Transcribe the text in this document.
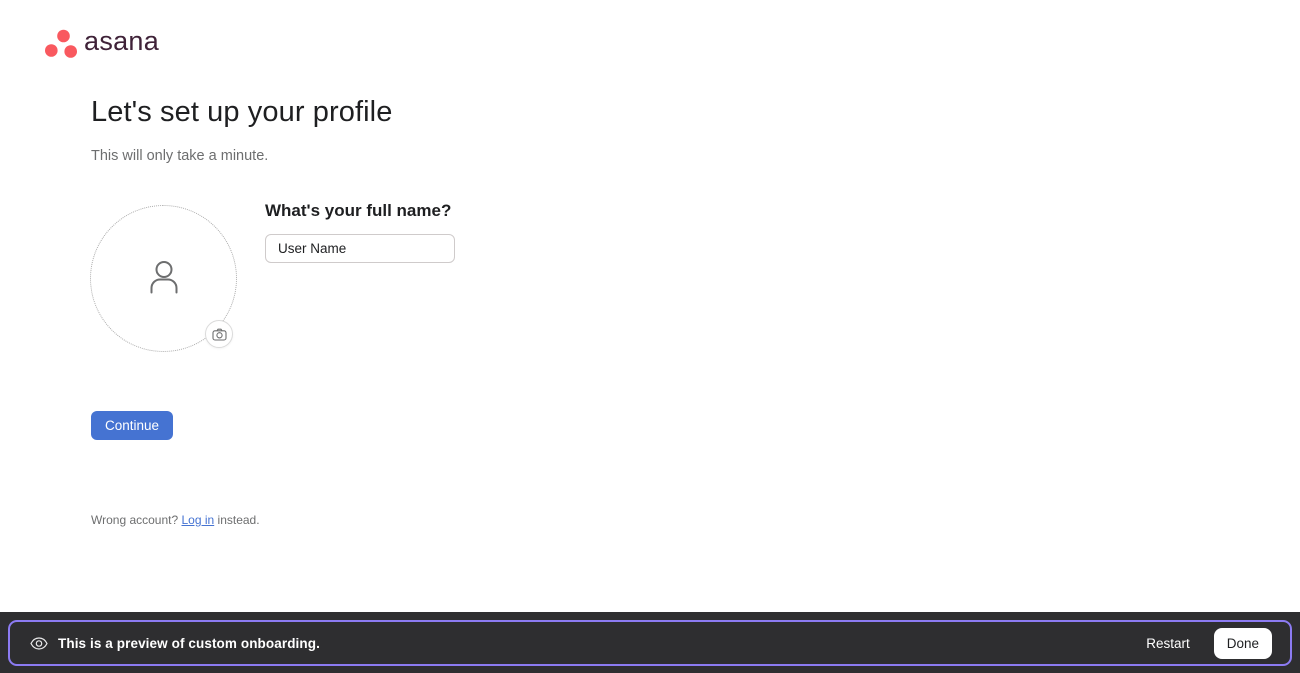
asana
Let's set up your profile

This will only take a minute.

What's your full name?

User Name
Continue

Wrong account? Log in instead.

This is a preview of custom onboarding.	Restart	Done
